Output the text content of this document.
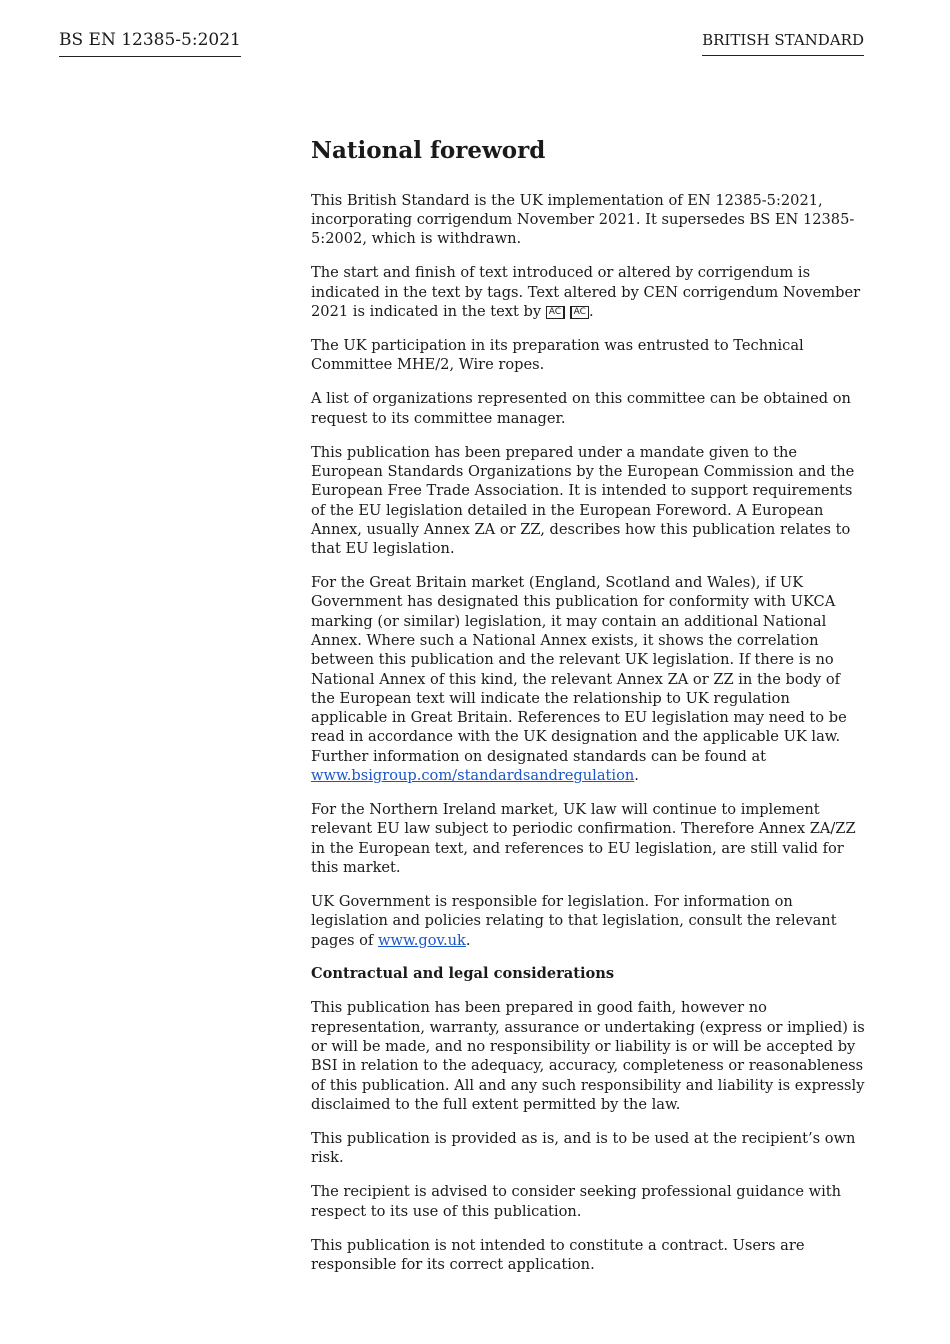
BS EN 12385-5:2021	BRITISH STANDARD
National foreword

This British Standard is the UK implementation of EN 12385-5:2021, incorporating corrigendum November 2021. It supersedes BS EN 12385-5:2002, which is withdrawn.

The start and finish of text introduced or altered by corrigendum is indicated in the text by tags. Text altered by CEN corrigendum November 2021 is indicated in the text by AC AC .

The UK participation in its preparation was entrusted to Technical Committee MHE/2, Wire ropes.

A list of organizations represented on this committee can be obtained on request to its committee manager.

This publication has been prepared under a mandate given to the European Standards Organizations by the European Commission and the European Free Trade Association. It is intended to support requirements of the EU legislation detailed in the European Foreword. A European Annex, usually Annex ZA or ZZ, describes how this publication relates to that EU legislation.

For the Great Britain market (England, Scotland and Wales), if UK Government has designated this publication for conformity with UKCA marking (or similar) legislation, it may contain an additional National Annex. Where such a National Annex exists, it shows the correlation between this publication and the relevant UK legislation. If there is no National Annex of this kind, the relevant Annex ZA or ZZ in the body of the European text will indicate the relationship to UK regulation applicable in Great Britain. References to EU legislation may need to be read in accordance with the UK designation and the applicable UK law. Further information on designated standards can be found at www.bsigroup.com/standardsandregulation.

For the Northern Ireland market, UK law will continue to implement relevant EU law subject to periodic confirmation. Therefore Annex ZA/ZZ in the European text, and references to EU legislation, are still valid for this market.

UK Government is responsible for legislation. For information on legislation and policies relating to that legislation, consult the relevant pages of www.gov.uk.

Contractual and legal considerations

This publication has been prepared in good faith, however no representation, warranty, assurance or undertaking (express or implied) is or will be made, and no responsibility or liability is or will be accepted by BSI in relation to the adequacy, accuracy, completeness or reasonableness of this publication. All and any such responsibility and liability is expressly disclaimed to the full extent permitted by the law.

This publication is provided as is, and is to be used at the recipient’s own risk.

The recipient is advised to consider seeking professional guidance with respect to its use of this publication.

This publication is not intended to constitute a contract. Users are responsible for its correct application.
